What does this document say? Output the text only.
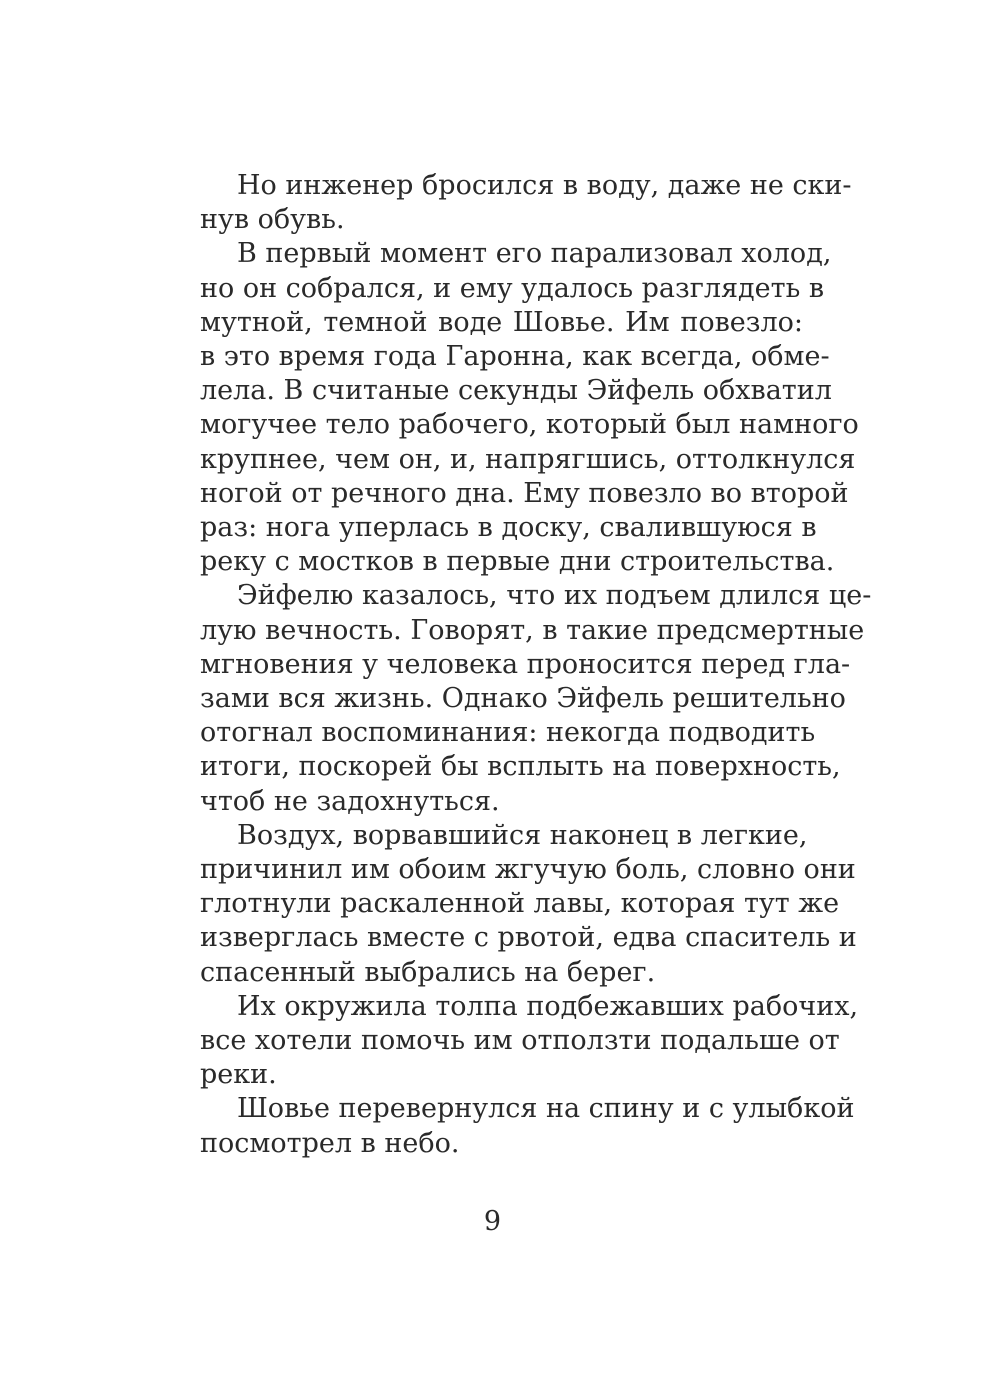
Но инженер бросился в воду, даже не ски-
нув обувь.

В первый момент его парализовал холод,
но он собрался, и ему удалось разглядеть в
мутной, темной воде Шовье. Им повезло:
в это время года Гаронна, как всегда, обме-
лела. В считаные секунды Эйфель обхватил
могучее тело рабочего, который был намного
крупнее, чем он, и, напрягшись, оттолкнулся
ногой от речного дна. Ему повезло во второй
раз: нога уперлась в доску, свалившуюся в
реку с мостков в первые дни строительства.

Эйфелю казалось, что их подъем длился це-
лую вечность. Говорят, в такие предсмертные
мгновения у человека проносится перед гла-
зами вся жизнь. Однако Эйфель решительно
отогнал воспоминания: некогда подводить
итоги, поскорей бы всплыть на поверхность,
чтоб не задохнуться.

Воздух, ворвавшийся наконец в легкие,
причинил им обоим жгучую боль, словно они
глотнули раскаленной лавы, которая тут же
изверглась вместе с рвотой, едва спаситель и
спасенный выбрались на берег.

Их окружила толпа подбежавших рабочих,
все хотели помочь им отползти подальше от
реки.

Шовье перевернулся на спину и с улыбкой
посмотрел в небо.

9
